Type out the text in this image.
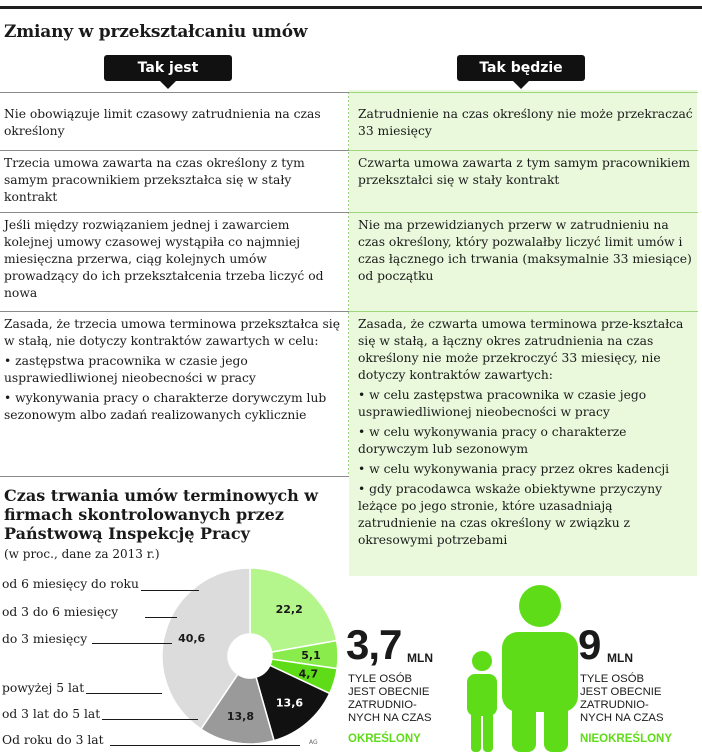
Zmiany w przekształcaniu umów
Tak jest	Tak będzie
Nie obowiązuje limit czasowy zatrudnienia na czas określony
Zatrudnienie na czas określony nie może przekraczać 33 miesięcy
Trzecia umowa zawarta na czas określony z tym samym pracownikiem przekształca się w stały kontrakt
Czwarta umowa zawarta z tym samym pracownikiem przekształci się w stały kontrakt
Jeśli między rozwiązaniem jednej i zawarciem kolejnej umowy czasowej wystąpiła co najmniej miesięczna przerwa, ciąg kolejnych umów prowadzący do ich przekształcenia trzeba liczyć od nowa
Nie ma przewidzianych przerw w zatrudnieniu na czas określony, który pozwalałby liczyć limit umów i czas łącznego ich trwania (maksymalnie 33 miesiące) od początku
Zasada, że trzecia umowa terminowa przekształca się w stałą, nie dotyczy kontraktów zawartych w celu:
• zastępstwa pracownika w czasie jego usprawiedliwionej nieobecności w pracy
• wykonywania pracy o charakterze dorywczym lub sezonowym albo zadań realizowanych cyklicznie
Zasada, że czwarta umowa terminowa prze-kształca się w stałą, a łączny okres zatrudnienia na czas określony nie może przekroczyć 33 miesięcy, nie dotyczy kontraktów zawartych:
• w celu zastępstwa pracownika w czasie jego usprawiedliwionej nieobecności w pracy
• w celu wykonywania pracy o charakterze dorywczym lub sezonowym
• w celu wykonywania pracy przez okres kadencji
• gdy pracodawca wskaże obiektywne przyczyny leżące po jego stronie, które uzasadniają zatrudnienie na czas określony w związku z okresowymi potrzebami
Czas trwania umów terminowych w firmach skontrolowanych przez Państwową Inspekcję Pracy
(w proc., dane za 2013 r.)
22,2
5,1
4,7
13,6
13,8
40,6
od 6 miesięcy do roku
od 3 do 6 miesięcy
do 3 miesięcy
powyżej 5 lat
od 3 lat do 5 lat
Od roku do 3 lat	AG
3,7 MLN
TYLE OSÓB
JEST OBECNIE
ZATRUDNIO-
NYCH NA CZAS
OKREŚLONY
9 MLN
TYLE OSÓB
JEST OBECNIE
ZATRUDNIO-
NYCH NA CZAS
NIEOKREŚLONY
